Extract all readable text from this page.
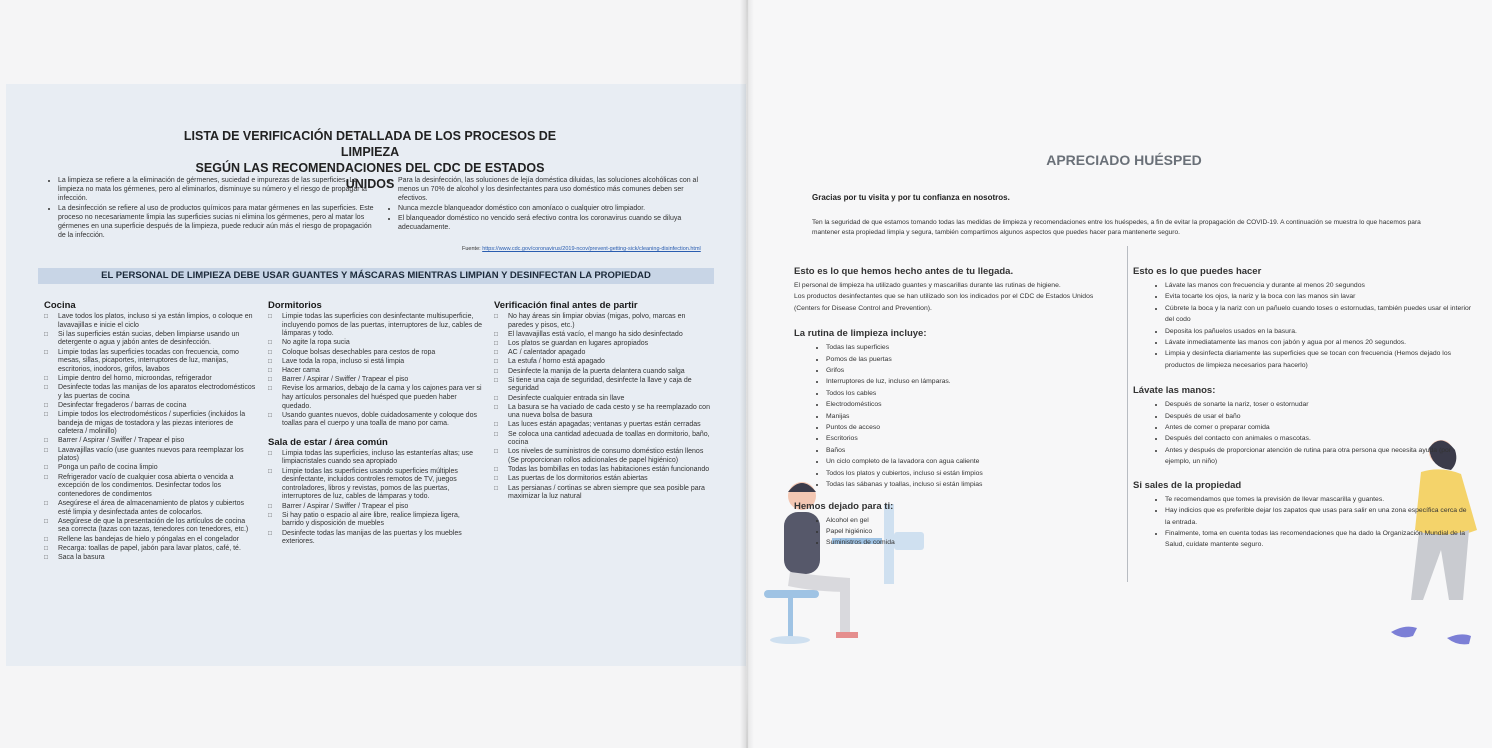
LISTA DE VERIFICACIÓN DETALLADA DE LOS PROCESOS DE LIMPIEZA
SEGÚN LAS RECOMENDACIONES DEL CDC DE ESTADOS UNIDOS
• La limpieza se refiere a la eliminación de gérmenes, suciedad e impurezas de las superficies. La limpieza no mata los gérmenes, pero al eliminarlos, disminuye su número y el riesgo de propagar la infección.
• La desinfección se refiere al uso de productos químicos para matar gérmenes en las superficies. Este proceso no necesariamente limpia las superficies sucias ni elimina los gérmenes, pero al matar los gérmenes en una superficie después de la limpieza, puede reducir aún más el riesgo de propagación de la infección.
• Para la desinfección, las soluciones de lejía doméstica diluidas, las soluciones alcohólicas con al menos un 70% de alcohol y los desinfectantes para uso doméstico más comunes deben ser efectivos.
• Nunca mezcle blanqueador doméstico con amoníaco o cualquier otro limpiador.
• El blanqueador doméstico no vencido será efectivo contra los coronavirus cuando se diluya adecuadamente.
Fuente: https://www.cdc.gov/coronavirus/2019-ncov/prevent-getting-sick/cleaning-disinfection.html
EL PERSONAL DE LIMPIEZA DEBE USAR GUANTES Y MÁSCARAS MIENTRAS LIMPIAN Y DESINFECTAN LA PROPIEDAD
Cocina
□ Lave todos los platos, incluso si ya están limpios, o coloque en lavavajillas e inicie el ciclo
□ Si las superficies están sucias, deben limpiarse usando un detergente o agua y jabón antes de desinfección.
□ Limpie todas las superficies tocadas con frecuencia, como mesas, sillas, picaportes, interruptores de luz, manijas, escritorios, inodoros, grifos, lavabos
□ Limpie dentro del horno, microondas, refrigerador
□ Desinfecte todas las manijas de los aparatos electrodomésticos y las puertas de cocina
□ Desinfectar fregaderos / barras de cocina
□ Limpie todos los electrodomésticos / superficies (incluidos la bandeja de migas de tostadora y las piezas interiores de cafetera / molinillo)
□ Barrer / Aspirar / Swiffer / Trapear el piso
□ Lavavajillas vacío (use guantes nuevos para reemplazar los platos)
□ Ponga un paño de cocina limpio
□ Refrigerador vacío de cualquier cosa abierta o vencida a excepción de los condimentos. Desinfectar todos los contenedores de condimentos
□ Asegúrese el área de almacenamiento de platos y cubiertos esté limpia y desinfectada antes de colocarlos.
□ Asegúrese de que la presentación de los artículos de cocina sea correcta (tazas con tazas, tenedores con tenedores, etc.)
□ Rellene las bandejas de hielo y póngalas en el congelador
□ Recarga: toallas de papel, jabón para lavar platos, café, té.
□ Saca la basura
Dormitorios
□ Limpie todas las superficies con desinfectante multisuperficie, incluyendo pomos de las puertas, interruptores de luz, cables de lámparas y todo.
□ No agite la ropa sucia
□ Coloque bolsas desechables para cestos de ropa
□ Lave toda la ropa, incluso si está limpia
□ Hacer cama
□ Barrer / Aspirar / Swiffer / Trapear el piso
□ Revise los armarios, debajo de la cama y los cajones para ver si hay artículos personales del huésped que pueden haber quedado.
□ Usando guantes nuevos, doble cuidadosamente y coloque dos toallas para el cuerpo y una toalla de mano por cama.
Sala de estar / área común
□ Limpia todas las superficies, incluso las estanterías altas; use limpiacristales cuando sea apropiado
□ Limpie todas las superficies usando superficies múltiples desinfectante, incluidos controles remotos de TV, juegos controladores, libros y revistas, pomos de las puertas, interruptores de luz, cables de lámparas y todo.
□ Barrer / Aspirar / Swiffer / Trapear el piso
□ Si hay patio o espacio al aire libre, realice limpieza ligera, barrido y disposición de muebles
□ Desinfecte todas las manijas de las puertas y los muebles exteriores.
Verificación final antes de partir
□ No hay áreas sin limpiar obvias (migas, polvo, marcas en paredes y pisos, etc.)
□ El lavavajillas está vacío, el mango ha sido desinfectado
□ Los platos se guardan en lugares apropiados
□ AC / calentador apagado
□ La estufa / horno está apagado
□ Desinfecte la manija de la puerta delantera cuando salga
□ Si tiene una caja de seguridad, desinfecte la llave y caja de seguridad
□ Desinfecte cualquier entrada sin llave
□ La basura se ha vaciado de cada cesto y se ha reemplazado con una nueva bolsa de basura
□ Las luces están apagadas; ventanas y puertas están cerradas
□ Se coloca una cantidad adecuada de toallas en dormitorio, baño, cocina
□ Los niveles de suministros de consumo doméstico están llenos (Se proporcionan rollos adicionales de papel higiénico)
□ Todas las bombillas en todas las habitaciones están funcionando
□ Las puertas de los dormitorios están abiertas
□ Las persianas / cortinas se abren siempre que sea posible para maximizar la luz natural
APRECIADO HUÉSPED
Gracias por tu visita y por tu confianza en nosotros.
Ten la seguridad de que estamos tomando todas las medidas de limpieza y recomendaciones entre los huéspedes, a fin de evitar la propagación de COVID-19. A continuación se muestra lo que hacemos para mantener esta propiedad limpia y segura, también compartimos algunos aspectos que puedes hacer para mantenerte seguro.
Esto es lo que hemos hecho antes de tu llegada.

El personal de limpieza ha utilizado guantes y mascarillas durante las rutinas de higiene.

Los productos desinfectantes que se han utilizado son los indicados por el CDC de Estados Unidos (Centers for Disease Control and Prevention).

La rutina de limpieza incluye:
• Todas las superficies
• Pomos de las puertas
• Grifos
• Interruptores de luz, incluso en lámparas.
• Todos los cables
• Electrodomésticos
• Manijas
• Puntos de acceso
• Escritorios
• Baños
• Un ciclo completo de la lavadora con agua caliente
• Todos los platos y cubiertos, incluso si están limpios
• Todas las sábanas y toallas, incluso si están limpias
Hemos dejado para ti:
• Alcohol en gel
• Papel higiénico
• Suministros de comida
Esto es lo que puedes hacer
• Lávate las manos con frecuencia y durante al menos 20 segundos
• Evita tocarte los ojos, la nariz y la boca con las manos sin lavar
• Cúbrete la boca y la nariz con un pañuelo cuando toses o estornudas, también puedes usar el interior del codo
• Deposita los pañuelos usados en la basura.
• Lávate inmediatamente las manos con jabón y agua por al menos 20 segundos.
• Limpia y desinfecta diariamente las superficies que se tocan con frecuencia (Hemos dejado los productos de limpieza necesarios para hacerlo)
Lávate las manos:
• Después de sonarte la nariz, toser o estornudar
• Después de usar el baño
• Antes de comer o preparar comida
• Después del contacto con animales o mascotas.
• Antes y después de proporcionar atención de rutina para otra persona que necesita ayuda (por ejemplo, un niño)
Si sales de la propiedad
• Te recomendamos que tomes la previsión de llevar mascarilla y guantes.
• Hay indicios que es preferible dejar los zapatos que usas para salir en una zona específica cerca de la entrada.
• Finalmente, toma en cuenta todas las recomendaciones que ha dado la Organización Mundial de la Salud, cuídate mantente seguro.
